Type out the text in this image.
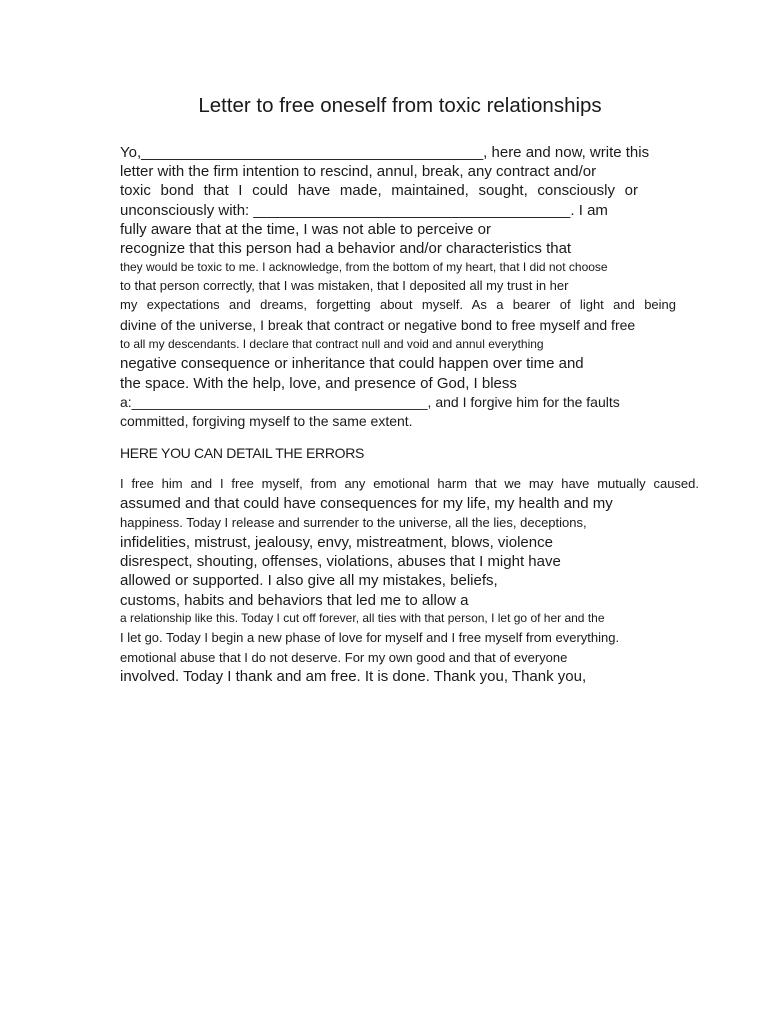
Letter to free oneself from toxic relationships

Yo,_________________________________________, here and now, write this

letter with the firm intention to rescind, annul, break, any contract and/or

toxic bond that I could have made, maintained, sought, consciously or

unconsciously with: ______________________________________. I am

fully aware that at the time, I was not able to perceive or

recognize that this person had a behavior and/or characteristics that

they would be toxic to me. I acknowledge, from the bottom of my heart, that I did not choose

to that person correctly, that I was mistaken, that I deposited all my trust in her

my expectations and dreams, forgetting about myself. As a bearer of light and being

divine of the universe, I break that contract or negative bond to free myself and free

to all my descendants. I declare that contract null and void and annul everything

negative consequence or inheritance that could happen over time and

the space. With the help, love, and presence of God, I bless

a:______________________________________, and I forgive him for the faults

committed, forgiving myself to the same extent.

HERE YOU CAN DETAIL THE ERRORS

I free him and I free myself, from any emotional harm that we may have mutually caused.

assumed and that could have consequences for my life, my health and my

happiness. Today I release and surrender to the universe, all the lies, deceptions,

infidelities, mistrust, jealousy, envy, mistreatment, blows, violence

disrespect, shouting, offenses, violations, abuses that I might have

allowed or supported. I also give all my mistakes, beliefs,

customs, habits and behaviors that led me to allow a

a relationship like this. Today I cut off forever, all ties with that person, I let go of her and the

I let go. Today I begin a new phase of love for myself and I free myself from everything.

emotional abuse that I do not deserve. For my own good and that of everyone

involved. Today I thank and am free. It is done. Thank you, Thank you,
